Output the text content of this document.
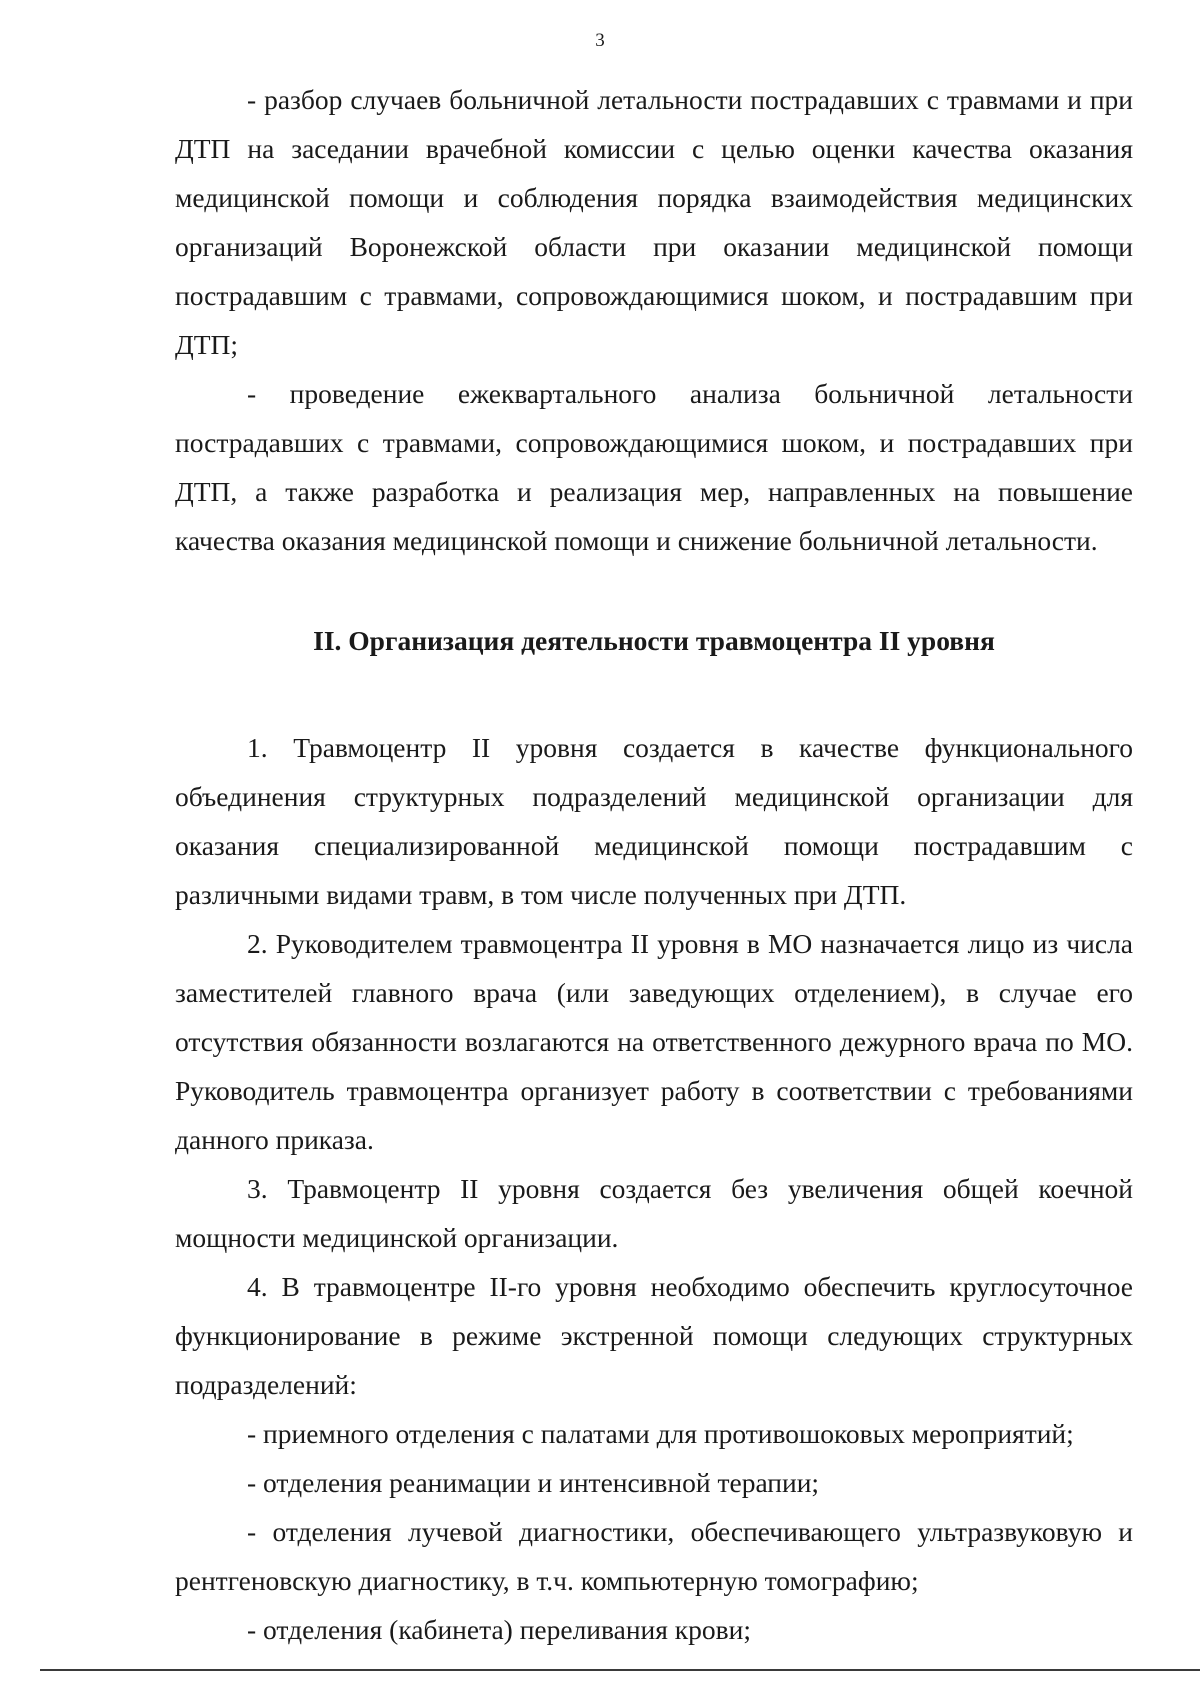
3

- разбор случаев больничной летальности пострадавших с травмами и при ДТП на заседании врачебной комиссии с целью оценки качества оказания медицинской помощи и соблюдения порядка взаимодействия медицинских организаций Воронежской области при оказании медицинской помощи пострадавшим с травмами, сопровождающимися шоком, и пострадавшим при ДТП;

- проведение ежеквартального анализа больничной летальности пострадавших с травмами, сопровождающимися шоком, и пострадавших при ДТП, а также разработка и реализация мер, направленных на повышение качества оказания медицинской помощи и снижение больничной летальности.

II. Организация деятельности травмоцентра II уровня

1. Травмоцентр II уровня создается в качестве функционального объединения структурных подразделений медицинской организации для оказания специализированной медицинской помощи пострадавшим с различными видами травм, в том числе полученных при ДТП.

2. Руководителем травмоцентра II уровня в МО назначается лицо из числа заместителей главного врача (или заведующих отделением), в случае его отсутствия обязанности возлагаются на ответственного дежурного врача по МО. Руководитель травмоцентра организует работу в соответствии с требованиями данного приказа.

3. Травмоцентр II уровня создается без увеличения общей коечной мощности медицинской организации.

4. В травмоцентре II-го уровня необходимо обеспечить круглосуточное функционирование в режиме экстренной помощи следующих структурных подразделений:

- приемного отделения с палатами для противошоковых мероприятий;

- отделения реанимации и интенсивной терапии;

- отделения лучевой диагностики, обеспечивающего ультразвуковую и рентгеновскую диагностику, в т.ч. компьютерную томографию;

- отделения (кабинета) переливания крови;
